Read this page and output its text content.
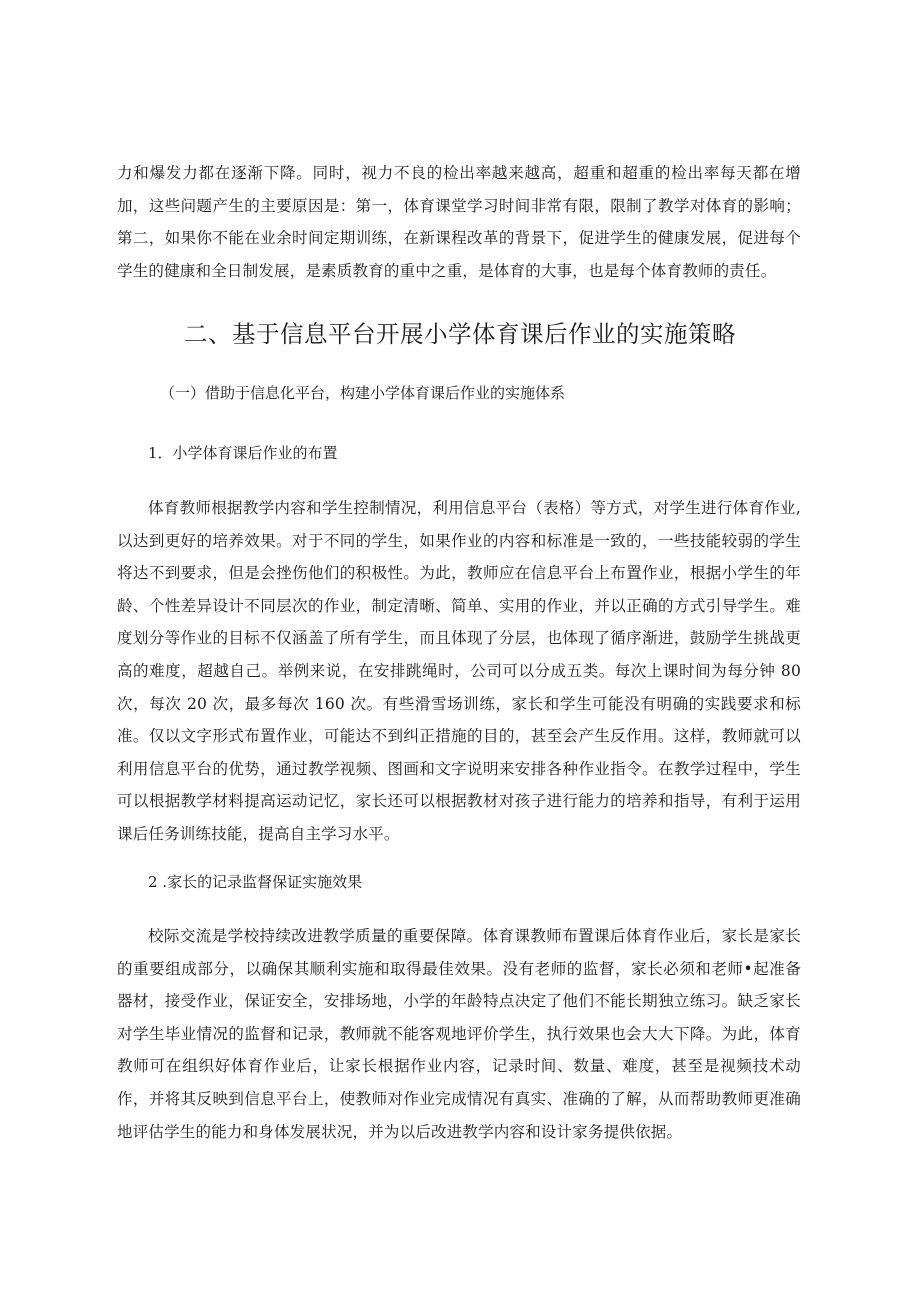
力和爆发力都在逐渐下降。同时，视力不良的检出率越来越高，超重和超重的检出率每天都在增加，这些问题产生的主要原因是：第一，体育课堂学习时间非常有限，限制了教学对体育的影响；第二，如果你不能在业余时间定期训练，在新课程改革的背景下，促进学生的健康发展，促进每个学生的健康和全日制发展，是素质教育的重中之重，是体育的大事，也是每个体育教师的责任。

二、基于信息平台开展小学体育课后作业的实施策略
（一）借助于信息化平台，构建小学体育课后作业的实施体系
1．小学体育课后作业的布置

体育教师根据教学内容和学生控制情况，利用信息平台（表格）等方式，对学生进行体育作业, 以达到更好的培养效果。对于不同的学生，如果作业的内容和标准是一致的，一些技能较弱的学生将达不到要求，但是会挫伤他们的积极性。为此，教师应在信息平台上布置作业，根据小学生的年龄、个性差异设计不同层次的作业，制定清晰、简单、实用的作业，并以正确的方式引导学生。难度划分等作业的目标不仅涵盖了所有学生，而且体现了分层，也体现了循序渐进，鼓励学生挑战更高的难度，超越自己。举例来说，在安排跳绳时，公司可以分成五类。每次上课时间为每分钟 80 次，每次 20 次，最多每次 160 次。有些滑雪场训练，家长和学生可能没有明确的实践要求和标准。仅以文字形式布置作业，可能达不到纠正措施的目的，甚至会产生反作用。这样，教师就可以利用信息平台的优势，通过教学视频、图画和文字说明来安排各种作业指令。在教学过程中，学生可以根据教学材料提高运动记忆，家长还可以根据教材对孩子进行能力的培养和指导，有利于运用课后任务训练技能，提高自主学习水平。

2 .家长的记录监督保证实施效果

校际交流是学校持续改进教学质量的重要保障。体育课教师布置课后体育作业后，家长是家长的重要组成部分，以确保其顺利实施和取得最佳效果。没有老师的监督，家长必须和老师•起准备器材，接受作业，保证安全，安排场地，小学的年龄特点决定了他们不能长期独立练习。缺乏家长对学生毕业情况的监督和记录，教师就不能客观地评价学生，执行效果也会大大下降。为此，体育教师可在组织好体育作业后，让家长根据作业内容，记录时间、数量、难度，甚至是视频技术动作，并将其反映到信息平台上，使教师对作业完成情况有真实、准确的了解，从而帮助教师更准确地评估学生的能力和身体发展状况，并为以后改进教学内容和设计家务提供依据。
